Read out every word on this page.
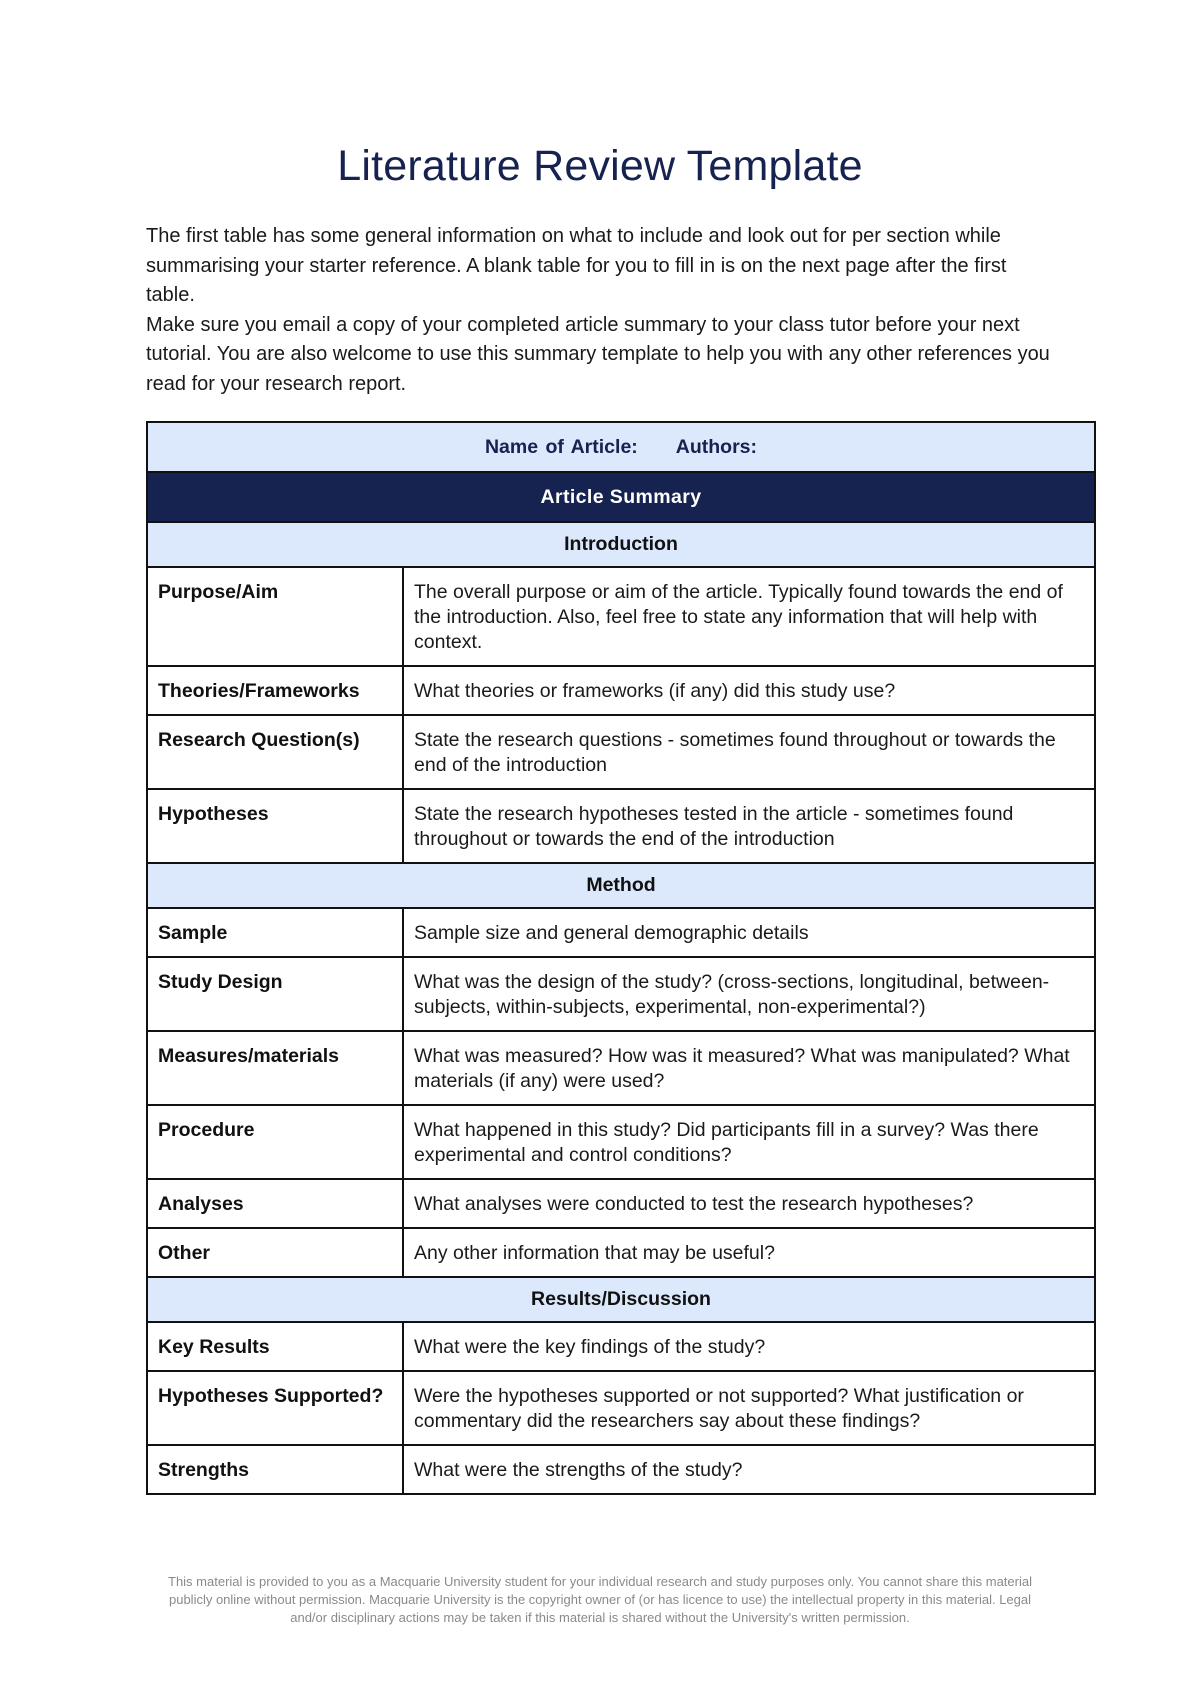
Literature Review Template

The first table has some general information on what to include and look out for per section while summarising your starter reference. A blank table for you to fill in is on the next page after the first table.

Make sure you email a copy of your completed article summary to your class tutor before your next tutorial. You are also welcome to use this summary template to help you with any other references you read for your research report.

Name of Article: Authors:	
Article Summary	
Introduction	
Purpose/Aim	The overall purpose or aim of the article. Typically found towards the end of the introduction. Also, feel free to state any information that will help with context.
Theories/Frameworks	What theories or frameworks (if any) did this study use?
Research Question(s)	State the research questions - sometimes found throughout or towards the end of the introduction
Hypotheses	State the research hypotheses tested in the article - sometimes found throughout or towards the end of the introduction
Method	
Sample	Sample size and general demographic details
Study Design	What was the design of the study? (cross-sections, longitudinal, between-subjects, within-subjects, experimental, non-experimental?)
Measures/materials	What was measured? How was it measured? What was manipulated? What materials (if any) were used?
Procedure	What happened in this study? Did participants fill in a survey? Was there experimental and control conditions?
Analyses	What analyses were conducted to test the research hypotheses?
Other	Any other information that may be useful?
Results/Discussion	
Key Results	What were the key findings of the study?
Hypotheses Supported?	Were the hypotheses supported or not supported? What justification or commentary did the researchers say about these findings?
Strengths	What were the strengths of the study?
This material is provided to you as a Macquarie University student for your individual research and study purposes only. You cannot share this material publicly online without permission. Macquarie University is the copyright owner of (or has licence to use) the intellectual property in this material. Legal and/or disciplinary actions may be taken if this material is shared without the University's written permission.
